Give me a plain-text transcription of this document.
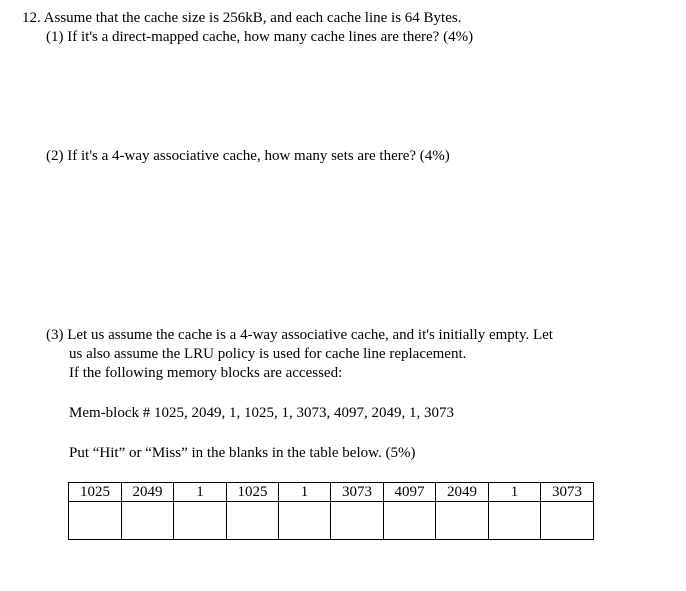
12. Assume that the cache size is 256kB, and each cache line is 64 Bytes.
(1) If it's a direct-mapped cache, how many cache lines are there? (4%)
(2) If it's a 4-way associative cache, how many sets are there? (4%)
(3) Let us assume the cache is a 4-way associative cache, and it's initially empty. Let
us also assume the LRU policy is used for cache line replacement.
If the following memory blocks are accessed:
Mem-block # 1025, 2049, 1, 1025, 1, 3073, 4097, 2049, 1, 3073
Put “Hit” or “Miss” in the blanks in the table below. (5%)
1025	2049	1	1025	1	3073	4097	2049	1	3073
